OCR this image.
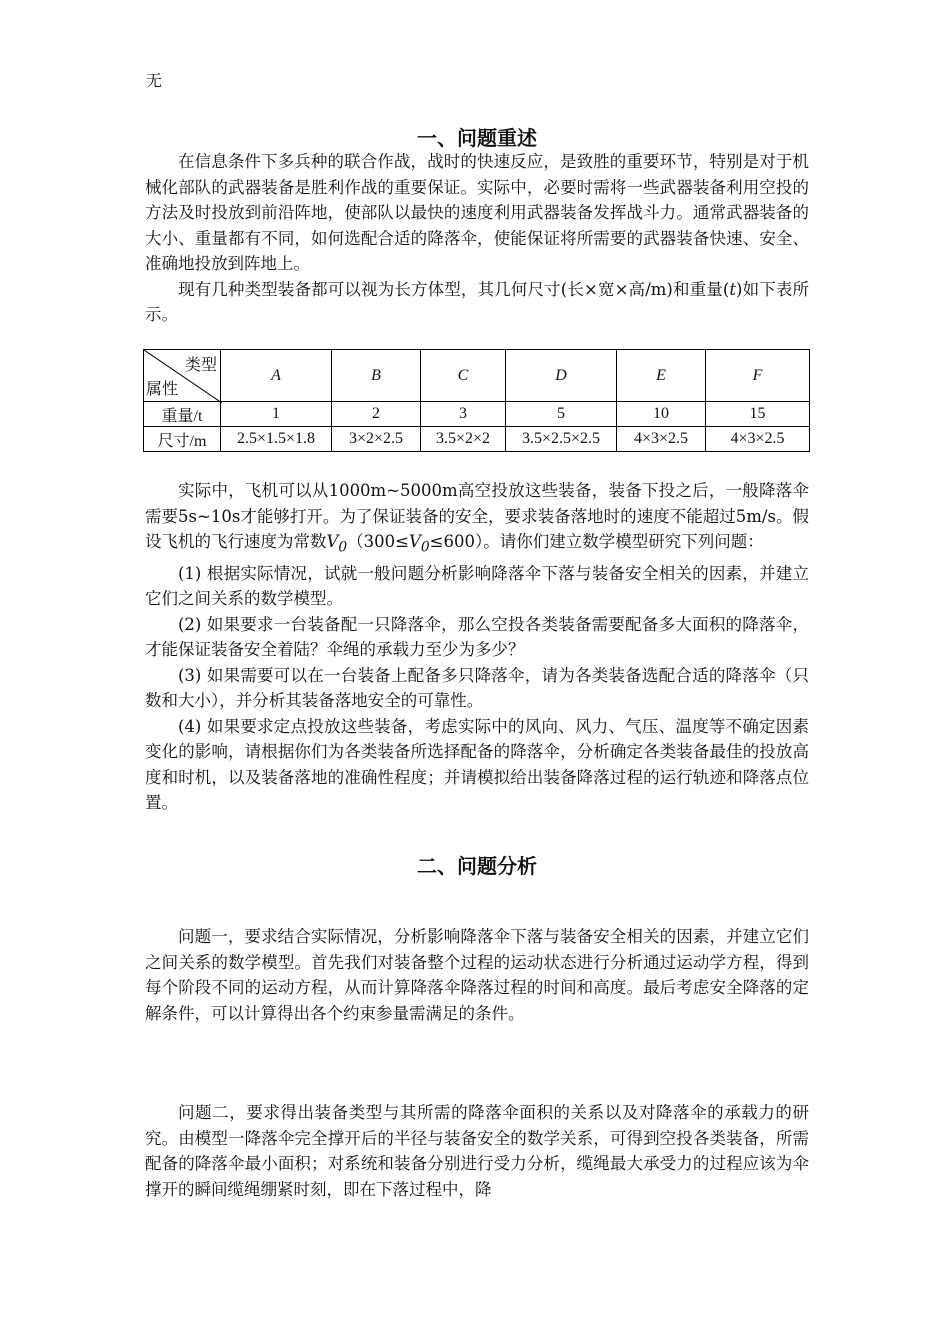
无
一、问题重述

在信息条件下多兵种的联合作战，战时的快速反应，是致胜的重要环节，特别是对于机械化部队的武器装备是胜利作战的重要保证。实际中，必要时需将一些武器装备利用空投的方法及时投放到前沿阵地，使部队以最快的速度利用武器装备发挥战斗力。通常武器装备的大小、重量都有不同，如何选配合适的降落伞，使能保证将所需要的武器装备快速、安全、准确地投放到阵地上。

现有几种类型装备都可以视为长方体型，其几何尺寸(长×宽×高/m)和重量(t)如下表所示。

类型
属性	A	B	C	D	E	F
重量/t	1	2	3	5	10	15
尺寸/m	2.5×1.5×1.8	3×2×2.5	3.5×2×2	3.5×2.5×2.5	4×3×2.5	4×3×2.5

实际中，飞机可以从1000m~5000m高空投放这些装备，装备下投之后，一般降落伞需要5s~10s才能够打开。为了保证装备的安全，要求装备落地时的速度不能超过5m/s。假设飞机的飞行速度为常数$V_0(300\le V_0\le 600)$。请你们建立数学模型研究下列问题：

(1) 根据实际情况，试就一般问题分析影响降落伞下落与装备安全相关的因素，并建立它们之间关系的数学模型。

(2) 如果要求一台装备配一只降落伞，那么空投各类装备需要配备多大面积的降落伞，才能保证装备安全着陆？伞绳的承载力至少为多少？

(3) 如果需要可以在一台装备上配备多只降落伞，请为各类装备选配合适的降落伞（只数和大小），并分析其装备落地安全的可靠性。

(4) 如果要求定点投放这些装备，考虑实际中的风向、风力、气压、温度等不确定因素变化的影响，请根据你们为各类装备所选择配备的降落伞，分析确定各类装备最佳的投放高度和时机，以及装备落地的准确性程度；并请模拟给出装备降落过程的运行轨迹和降落点位置。

二、问题分析

问题一，要求结合实际情况，分析影响降落伞下落与装备安全相关的因素，并建立它们之间关系的数学模型。首先我们对装备整个过程的运动状态进行分析通过运动学方程，得到每个阶段不同的运动方程，从而计算降落伞降落过程的时间和高度。最后考虑安全降落的定解条件，可以计算得出各个约束参量需满足的条件。

问题二，要求得出装备类型与其所需的降落伞面积的关系以及对降落伞的承载力的研究。由模型一降落伞完全撑开后的半径与装备安全的数学关系，可得到空投各类装备，所需配备的降落伞最小面积；对系统和装备分别进行受力分析，缆绳最大承受力的过程应该为伞撑开的瞬间缆绳绷紧时刻，即在下落过程中，降
